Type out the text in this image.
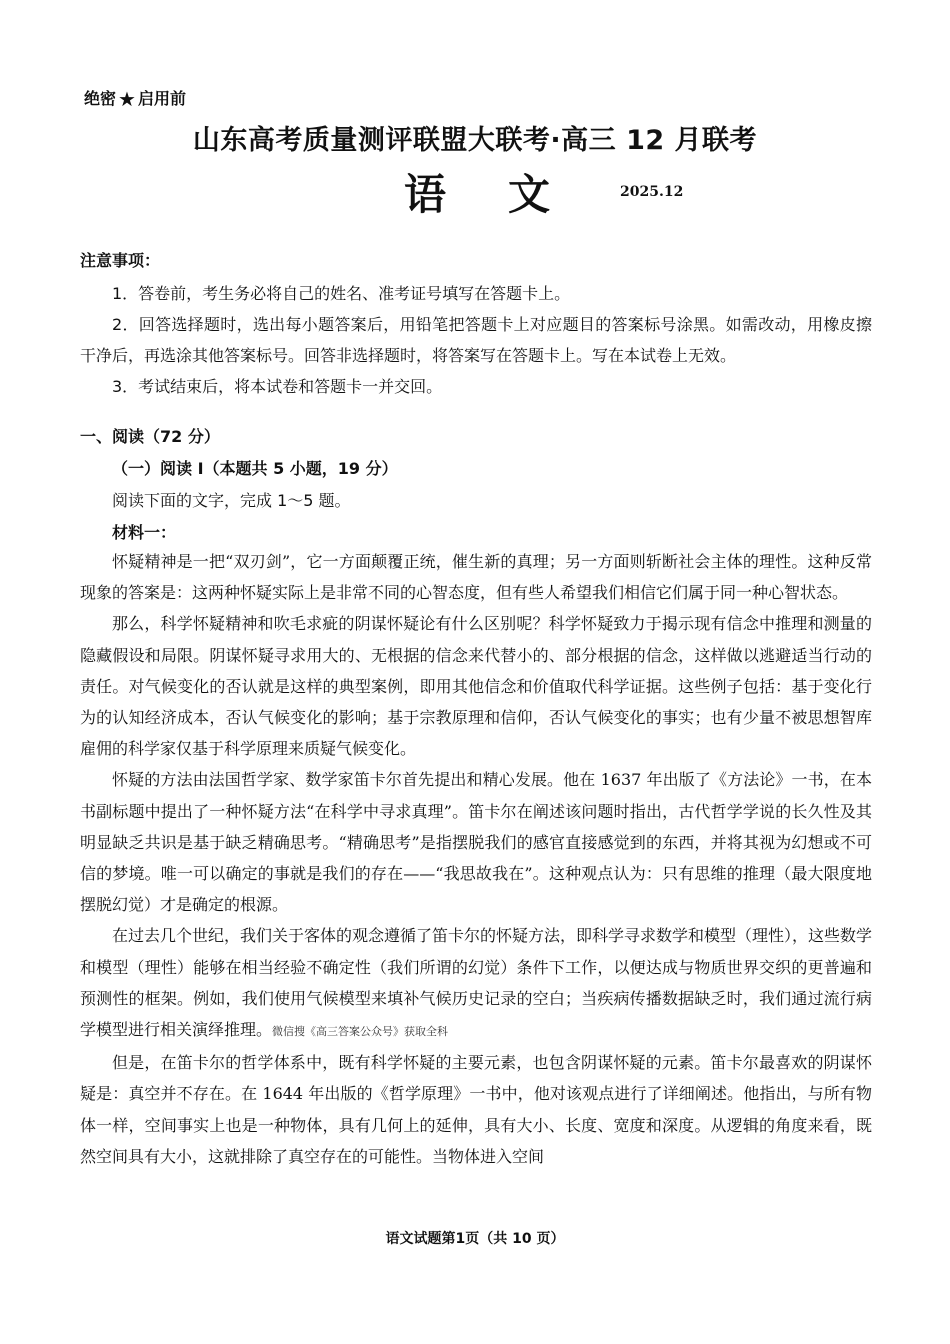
绝密 ★ 启用前
山东高考质量测评联盟大联考·高三 12 月联考
语文 2025.12
注意事项：

1．答卷前，考生务必将自己的姓名、准考证号填写在答题卡上。

2．回答选择题时，选出每小题答案后，用铅笔把答题卡上对应题目的答案标号涂黑。如需改动，用橡皮擦干净后，再选涂其他答案标号。回答非选择题时，将答案写在答题卡上。写在本试卷上无效。

3．考试结束后，将本试卷和答题卡一并交回。

一、阅读（72 分）
（一）阅读 I（本题共 5 小题，19 分）
阅读下面的文字，完成 1～5 题。
材料一：

怀疑精神是一把“双刃剑”，它一方面颠覆正统，催生新的真理；另一方面则斩断社会主体的理性。这种反常现象的答案是：这两种怀疑实际上是非常不同的心智态度，但有些人希望我们相信它们属于同一种心智状态。

那么，科学怀疑精神和吹毛求疵的阴谋怀疑论有什么区别呢？科学怀疑致力于揭示现有信念中推理和测量的隐藏假设和局限。阴谋怀疑寻求用大的、无根据的信念来代替小的、部分根据的信念，这样做以逃避适当行动的责任。对气候变化的否认就是这样的典型案例，即用其他信念和价值取代科学证据。这些例子包括：基于变化行为的认知经济成本，否认气候变化的影响；基于宗教原理和信仰，否认气候变化的事实；也有少量不被思想智库雇佣的科学家仅基于科学原理来质疑气候变化。

怀疑的方法由法国哲学家、数学家笛卡尔首先提出和精心发展。他在 1637 年出版了《方法论》一书，在本书副标题中提出了一种怀疑方法“在科学中寻求真理”。笛卡尔在阐述该问题时指出，古代哲学学说的长久性及其明显缺乏共识是基于缺乏精确思考。“精确思考”是指摆脱我们的感官直接感觉到的东西，并将其视为幻想或不可信的梦境。唯一可以确定的事就是我们的存在——“我思故我在”。这种观点认为：只有思维的推理（最大限度地摆脱幻觉）才是确定的根源。

在过去几个世纪，我们关于客体的观念遵循了笛卡尔的怀疑方法，即科学寻求数学和模型（理性），这些数学和模型（理性）能够在相当经验不确定性（我们所谓的幻觉）条件下工作，以便达成与物质世界交织的更普遍和预测性的框架。例如，我们使用气候模型来填补气候历史记录的空白；当疾病传播数据缺乏时，我们通过流行病学模型进行相关演绎推理。微信搜《高三答案公众号》获取全科

但是，在笛卡尔的哲学体系中，既有科学怀疑的主要元素，也包含阴谋怀疑的元素。笛卡尔最喜欢的阴谋怀疑是：真空并不存在。在 1644 年出版的《哲学原理》一书中，他对该观点进行了详细阐述。他指出，与所有物体一样，空间事实上也是一种物体，具有几何上的延伸，具有大小、长度、宽度和深度。从逻辑的角度来看，既然空间具有大小，这就排除了真空存在的可能性。当物体进入空间

语文试题第1页（共 10 页）
